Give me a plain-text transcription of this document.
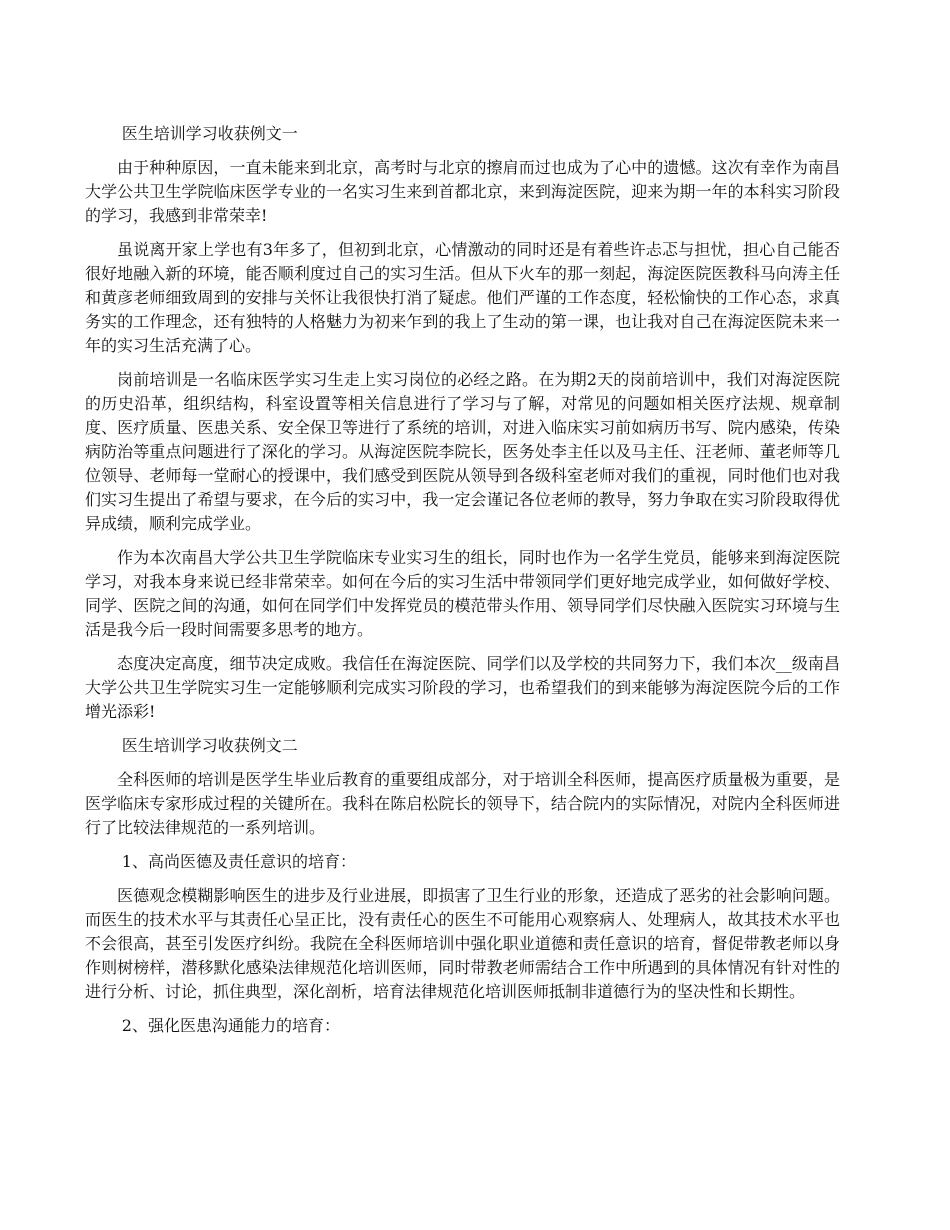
医生培训学习收获例文一

由于种种原因，一直未能来到北京，高考时与北京的擦肩而过也成为了心中的遗憾。这次有幸作为南昌大学公共卫生学院临床医学专业的一名实习生来到首都北京，来到海淀医院，迎来为期一年的本科实习阶段的学习，我感到非常荣幸!

虽说离开家上学也有3年多了，但初到北京，心情激动的同时还是有着些许忐忑与担忧，担心自己能否很好地融入新的环境，能否顺利度过自己的实习生活。但从下火车的那一刻起，海淀医院医教科马向涛主任和黄彦老师细致周到的安排与关怀让我很快打消了疑虑。他们严谨的工作态度，轻松愉快的工作心态，求真务实的工作理念，还有独特的人格魅力为初来乍到的我上了生动的第一课，也让我对自己在海淀医院未来一年的实习生活充满了心。

岗前培训是一名临床医学实习生走上实习岗位的必经之路。在为期2天的岗前培训中，我们对海淀医院的历史沿革，组织结构，科室设置等相关信息进行了学习与了解，对常见的问题如相关医疗法规、规章制度、医疗质量、医患关系、安全保卫等进行了系统的培训，对进入临床实习前如病历书写、院内感染，传染病防治等重点问题进行了深化的学习。从海淀医院李院长，医务处李主任以及马主任、汪老师、董老师等几位领导、老师每一堂耐心的授课中，我们感受到医院从领导到各级科室老师对我们的重视，同时他们也对我们实习生提出了希望与要求，在今后的实习中，我一定会谨记各位老师的教导，努力争取在实习阶段取得优异成绩，顺利完成学业。

作为本次南昌大学公共卫生学院临床专业实习生的组长，同时也作为一名学生党员，能够来到海淀医院学习，对我本身来说已经非常荣幸。如何在今后的实习生活中带领同学们更好地完成学业，如何做好学校、同学、医院之间的沟通，如何在同学们中发挥党员的模范带头作用、领导同学们尽快融入医院实习环境与生活是我今后一段时间需要多思考的地方。

态度决定高度，细节决定成败。我信任在海淀医院、同学们以及学校的共同努力下，我们本次__级南昌大学公共卫生学院实习生一定能够顺利完成实习阶段的学习，也希望我们的到来能够为海淀医院今后的工作增光添彩!

医生培训学习收获例文二

全科医师的培训是医学生毕业后教育的重要组成部分，对于培训全科医师，提高医疗质量极为重要，是医学临床专家形成过程的关键所在。我科在陈启松院长的领导下，结合院内的实际情况，对院内全科医师进行了比较法律规范的一系列培训。

1、高尚医德及责任意识的培育：

医德观念模糊影响医生的进步及行业进展，即损害了卫生行业的形象，还造成了恶劣的社会影响问题。而医生的技术水平与其责任心呈正比，没有责任心的医生不可能用心观察病人、处理病人，故其技术水平也不会很高，甚至引发医疗纠纷。我院在全科医师培训中强化职业道德和责任意识的培育，督促带教老师以身作则树榜样，潜移默化感染法律规范化培训医师，同时带教老师需结合工作中所遇到的具体情况有针对性的进行分析、讨论，抓住典型，深化剖析，培育法律规范化培训医师抵制非道德行为的坚决性和长期性。

2、强化医患沟通能力的培育：
